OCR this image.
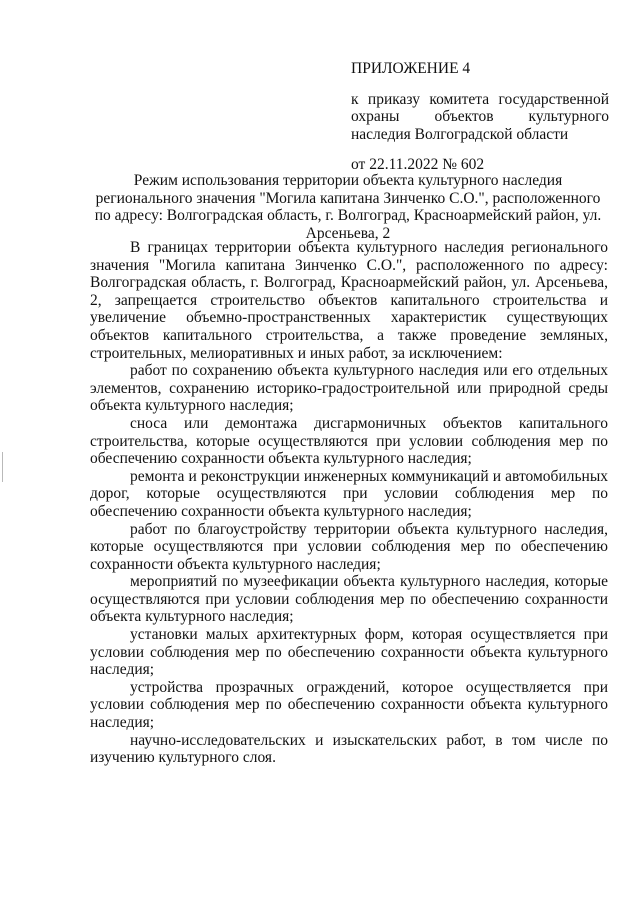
ПРИЛОЖЕНИЕ 4
к приказу комитета государственной охраны объектов культурного наследия Волгоградской области
от 22.11.2022 № 602
Режим использования территории объекта культурного наследия регионального значения "Могила капитана Зинченко С.О.", расположенного по адресу: Волгоградская область, г. Волгоград, Красноармейский район, ул. Арсеньева, 2

В границах территории объекта культурного наследия регионального значения "Могила капитана Зинченко С.О.", расположенного по адресу: Волгоградская область, г. Волгоград, Красноармейский район, ул. Арсеньева, 2, запрещается строительство объектов капитального строительства и увеличение объемно-пространственных характеристик существующих объектов капитального строительства, а также проведение земляных, строительных, мелиоративных и иных работ, за исключением:

работ по сохранению объекта культурного наследия или его отдельных элементов, сохранению историко-градостроительной или природной среды объекта культурного наследия;

сноса или демонтажа дисгармоничных объектов капитального строительства, которые осуществляются при условии соблюдения мер по обеспечению сохранности объекта культурного наследия;

ремонта и реконструкции инженерных коммуникаций и автомобильных дорог, которые осуществляются при условии соблюдения мер по обеспечению сохранности объекта культурного наследия;

работ по благоустройству территории объекта культурного наследия, которые осуществляются при условии соблюдения мер по обеспечению сохранности объекта культурного наследия;

мероприятий по музеефикации объекта культурного наследия, которые осуществляются при условии соблюдения мер по обеспечению сохранности объекта культурного наследия;

установки малых архитектурных форм, которая осуществляется при условии соблюдения мер по обеспечению сохранности объекта культурного наследия;

устройства прозрачных ограждений, которое осуществляется при условии соблюдения мер по обеспечению сохранности объекта культурного наследия;

научно-исследовательских и изыскательских работ, в том числе по изучению культурного слоя.
